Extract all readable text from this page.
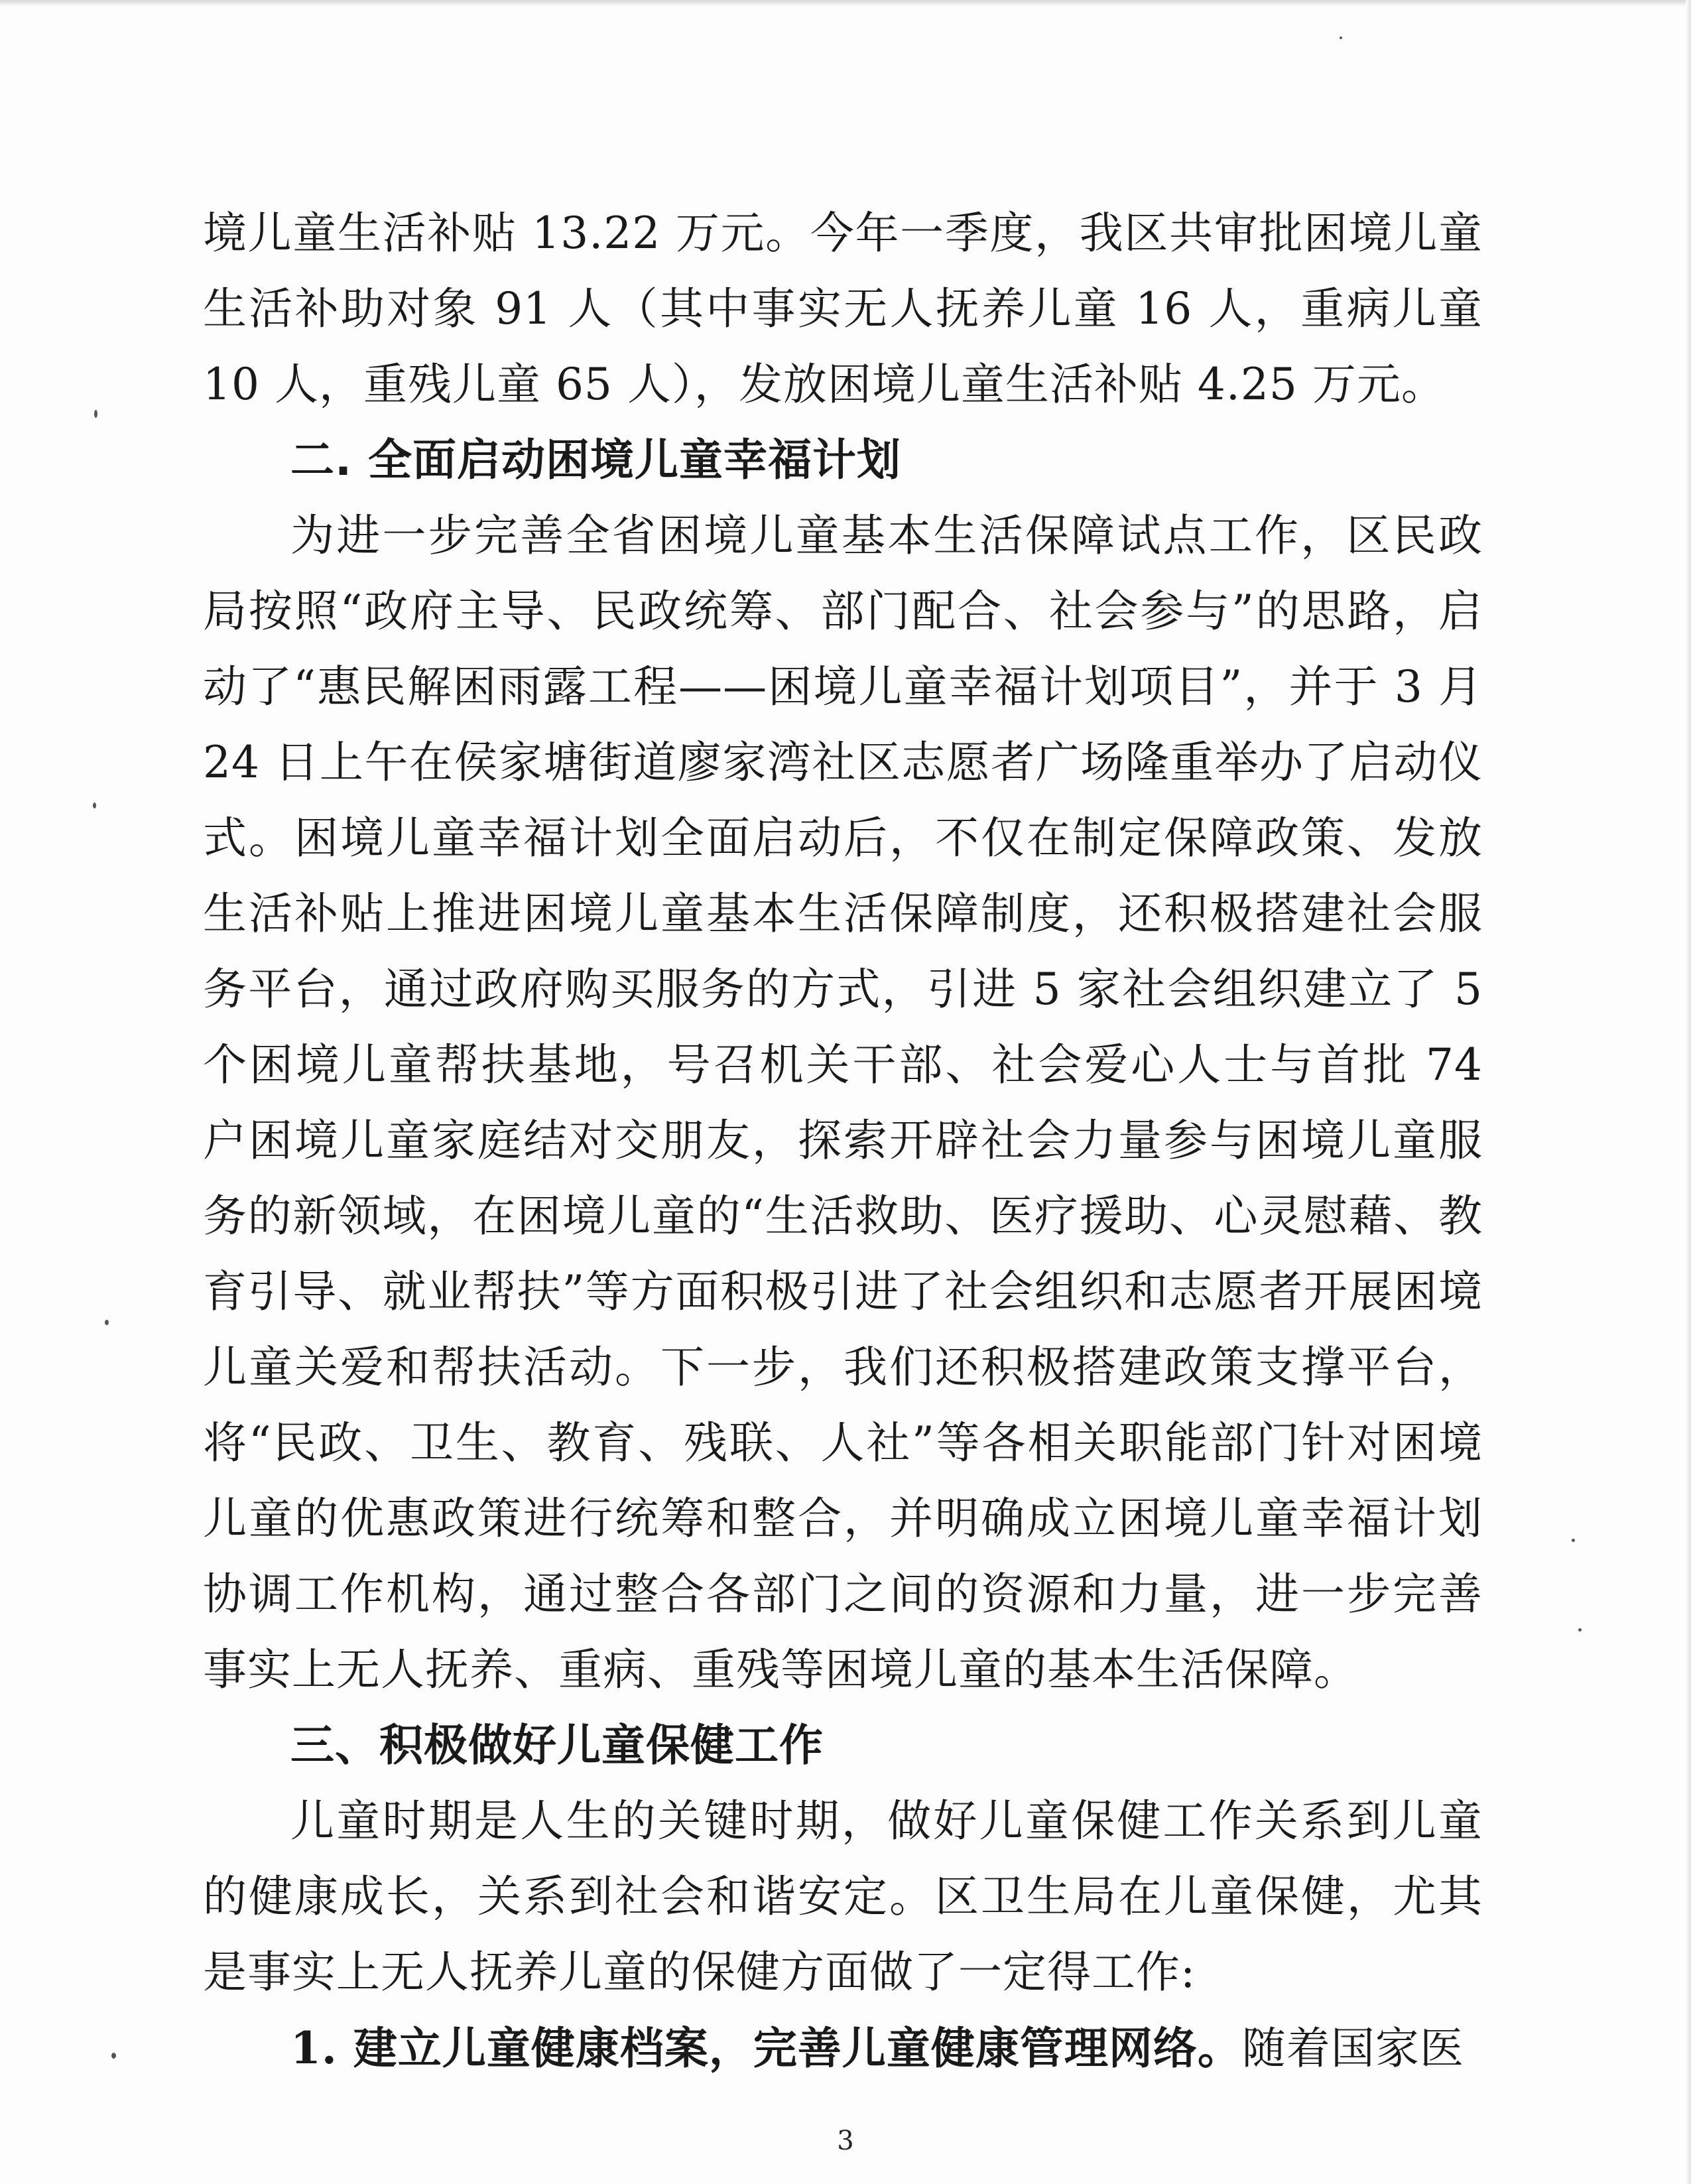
境儿童生活补贴 13.22 万元。今年一季度，我区共审批困境儿童生活补助对象 91 人（其中事实无人抚养儿童 16 人，重病儿童 10 人，重残儿童 65 人），发放困境儿童生活补贴 4.25 万元。

二. 全面启动困境儿童幸福计划

为进一步完善全省困境儿童基本生活保障试点工作，区民政局按照“政府主导、民政统筹、部门配合、社会参与”的思路，启动了“惠民解困雨露工程——困境儿童幸福计划项目”，并于 3 月 24 日上午在侯家塘街道廖家湾社区志愿者广场隆重举办了启动仪式。困境儿童幸福计划全面启动后，不仅在制定保障政策、发放生活补贴上推进困境儿童基本生活保障制度，还积极搭建社会服务平台，通过政府购买服务的方式，引进 5 家社会组织建立了 5 个困境儿童帮扶基地，号召机关干部、社会爱心人士与首批 74 户困境儿童家庭结对交朋友，探索开辟社会力量参与困境儿童服务的新领域，在困境儿童的“生活救助、医疗援助、心灵慰藉、教育引导、就业帮扶”等方面积极引进了社会组织和志愿者开展困境儿童关爱和帮扶活动。下一步，我们还积极搭建政策支撑平台，将“民政、卫生、教育、残联、人社”等各相关职能部门针对困境儿童的优惠政策进行统筹和整合，并明确成立困境儿童幸福计划协调工作机构，通过整合各部门之间的资源和力量，进一步完善事实上无人抚养、重病、重残等困境儿童的基本生活保障。

三、积极做好儿童保健工作

儿童时期是人生的关键时期，做好儿童保健工作关系到儿童的健康成长，关系到社会和谐安定。区卫生局在儿童保健，尤其是事实上无人抚养儿童的保健方面做了一定得工作:

1. 建立儿童健康档案，完善儿童健康管理网络。随着国家医

3
